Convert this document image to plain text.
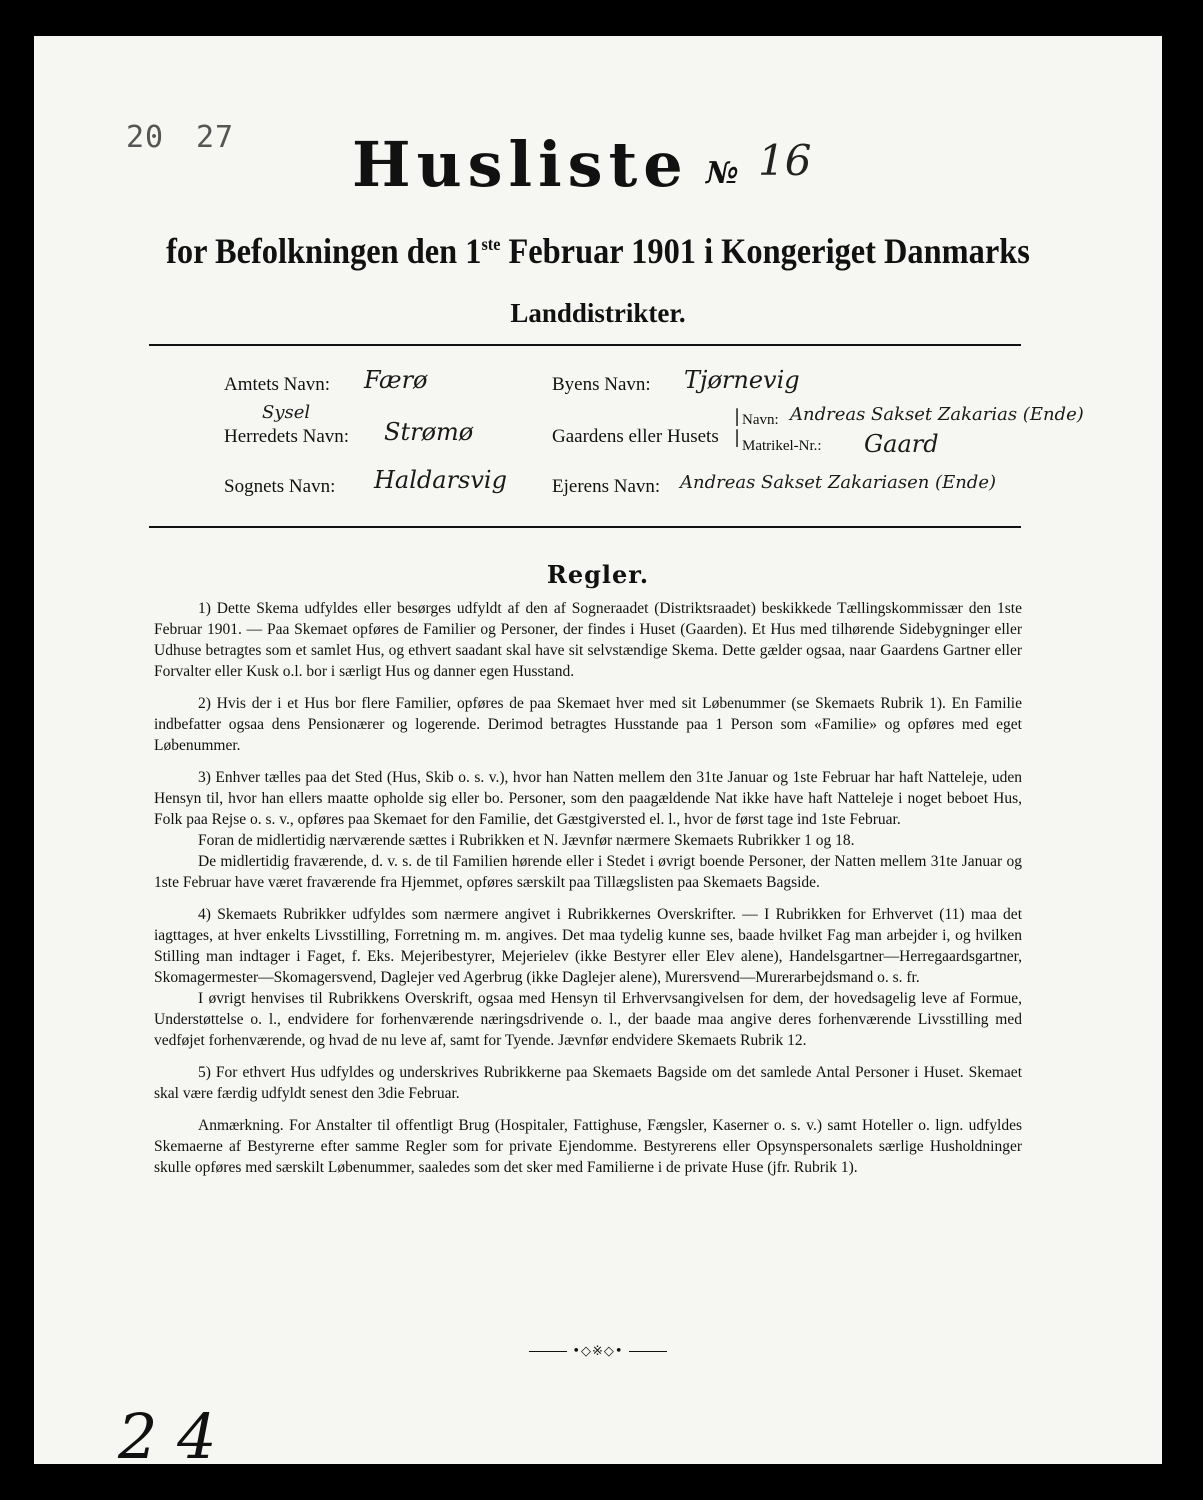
20 27 Husliste № 16
for Befolkningen den 1ste Februar 1901 i Kongeriget Danmarks
Landdistrikter.
Amtets Navn: Færø	Byens Navn: Tjørnevig
Sysel
Herredets Navn: Strømø	Gaardens eller Husets
|
|
Navn: Andreas Sakset Zakarias (Ende)
Matrikel-Nr.: Gaard
Sognets Navn: Haldarsvig Ejerens Navn: Andreas Sakset Zakariasen (Ende)
Regler.

1) Dette Skema udfyldes eller besørges udfyldt af den af Sogneraadet (Distriktsraadet) beskikkede Tællingskommissær den 1ste Februar 1901. — Paa Skemaet opføres de Familier og Personer, der findes i Huset (Gaarden). Et Hus med tilhørende Sidebygninger eller Udhuse betragtes som et samlet Hus, og ethvert saadant skal have sit selvstændige Skema. Dette gælder ogsaa, naar Gaardens Gartner eller Forvalter eller Kusk o.l. bor i særligt Hus og danner egen Husstand.

2) Hvis der i et Hus bor flere Familier, opføres de paa Skemaet hver med sit Løbenummer (se Skemaets Rubrik 1). En Familie indbefatter ogsaa dens Pensionærer og logerende. Derimod betragtes Husstande paa 1 Person som «Familie» og opføres med eget Løbenummer.

3) Enhver tælles paa det Sted (Hus, Skib o. s. v.), hvor han Natten mellem den 31te Januar og 1ste Februar har haft Natteleje, uden Hensyn til, hvor han ellers maatte opholde sig eller bo. Personer, som den paagældende Nat ikke have haft Natteleje i noget beboet Hus, Folk paa Rejse o. s. v., opføres paa Skemaet for den Familie, det Gæstgiversted el. l., hvor de først tage ind 1ste Februar.

Foran de midlertidig nærværende sættes i Rubrikken et N. Jævnfør nærmere Skemaets Rubrikker 1 og 18.

De midlertidig fraværende, d. v. s. de til Familien hørende eller i Stedet i øvrigt boende Personer, der Natten mellem 31te Januar og 1ste Februar have været fraværende fra Hjemmet, opføres særskilt paa Tillægslisten paa Skemaets Bagside.

4) Skemaets Rubrikker udfyldes som nærmere angivet i Rubrikkernes Overskrifter. — I Rubrikken for Erhvervet (11) maa det iagttages, at hver enkelts Livsstilling, Forretning m. m. angives. Det maa tydelig kunne ses, baade hvilket Fag man arbejder i, og hvilken Stilling man indtager i Faget, f. Eks. Mejeribestyrer, Mejerielev (ikke Bestyrer eller Elev alene), Handelsgartner—Herregaardsgartner, Skomagermester—Skomagersvend, Daglejer ved Agerbrug (ikke Daglejer alene), Murersvend—Murerarbejdsmand o. s. fr.

I øvrigt henvises til Rubrikkens Overskrift, ogsaa med Hensyn til Erhvervsangivelsen for dem, der hovedsagelig leve af Formue, Understøttelse o. l., endvidere for forhenværende næringsdrivende o. l., der baade maa angive deres forhenværende Livsstilling med vedføjet forhenværende, og hvad de nu leve af, samt for Tyende. Jævnfør endvidere Skemaets Rubrik 12.

5) For ethvert Hus udfyldes og underskrives Rubrikkerne paa Skemaets Bagside om det samlede Antal Personer i Huset. Skemaet skal være færdig udfyldt senest den 3die Februar.

Anmærkning. For Anstalter til offentligt Brug (Hospitaler, Fattighuse, Fængsler, Kaserner o. s. v.) samt Hoteller o. lign. udfyldes Skemaerne af Bestyrerne efter samme Regler som for private Ejendomme. Bestyrerens eller Opsynspersonalets særlige Husholdninger skulle opføres med særskilt Løbenummer, saaledes som det sker med Familierne i de private Huse (jfr. Rubrik 1).

•◇※◇•
2 4
